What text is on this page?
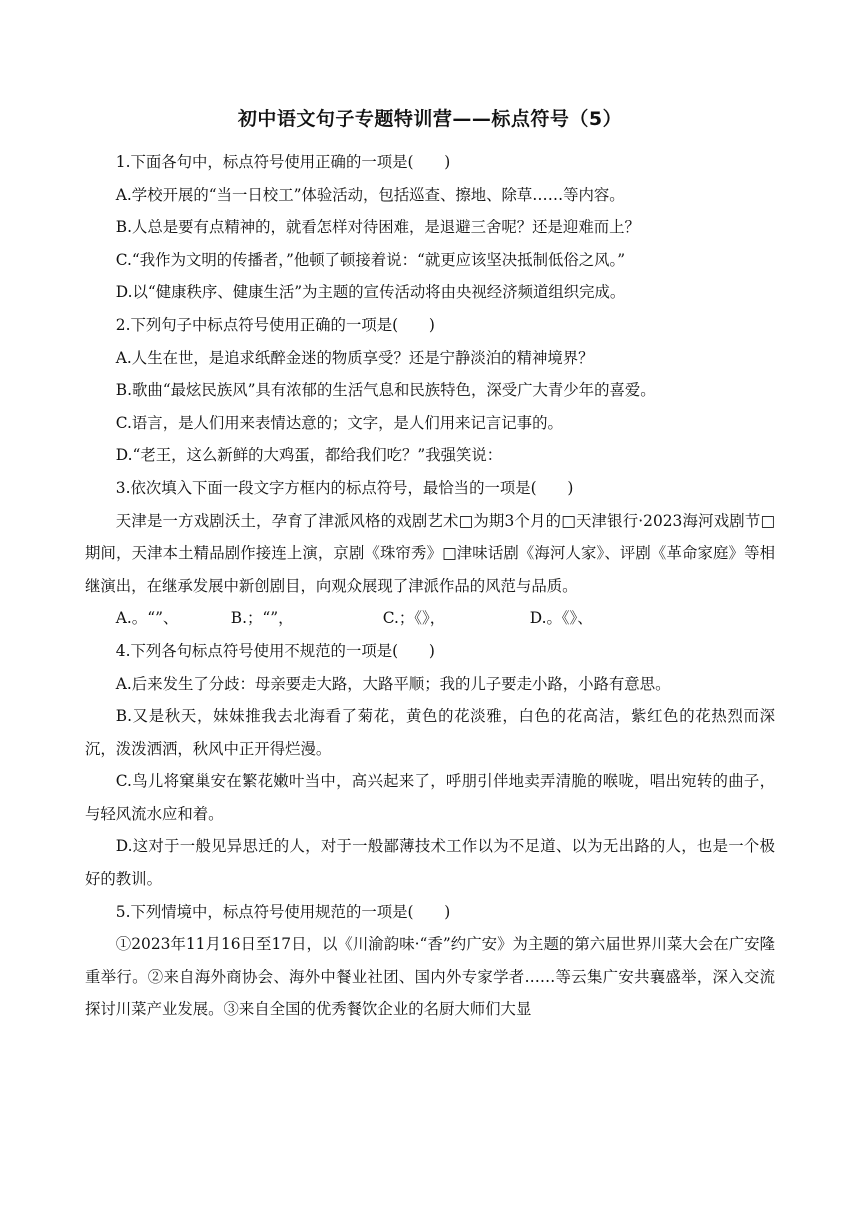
初中语文句子专题特训营——标点符号（5）

1.下面各句中，标点符号使用正确的一项是(　　)

A.学校开展的“当一日校工”体验活动，包括巡查、擦地、除草……等内容。

B.人总是要有点精神的，就看怎样对待困难，是退避三舍呢？还是迎难而上？

C.“我作为文明的传播者，”他顿了顿接着说：“就更应该坚决抵制低俗之风。”

D.以“健康秩序、健康生活”为主题的宣传活动将由央视经济频道组织完成。

2.下列句子中标点符号使用正确的一项是(　　)

A.人生在世，是追求纸醉金迷的物质享受？还是宁静淡泊的精神境界？

B.歌曲“最炫民族风”具有浓郁的生活气息和民族特色，深受广大青少年的喜爱。

C.语言，是人们用来表情达意的；文字，是人们用来记言记事的。

D.“老王，这么新鲜的大鸡蛋，都给我们吃？”我强笑说：

3.依次填入下面一段文字方框内的标点符号，最恰当的一项是(　　)

天津是一方戏剧沃土，孕育了津派风格的戏剧艺术□为期3个月的□天津银行·2023海河戏剧节□期间，天津本土精品剧作接连上演，京剧《珠帘秀》□津味话剧《海河人家》、评剧《革命家庭》等相继演出，在继承发展中新创剧目，向观众展现了津派作品的风范与品质。

A.。“”、	B.；“”，	C.；《》，	D.。《》、

4.下列各句标点符号使用不规范的一项是(　　)

A.后来发生了分歧：母亲要走大路，大路平顺；我的儿子要走小路，小路有意思。

B.又是秋天，妹妹推我去北海看了菊花，黄色的花淡雅，白色的花高洁，紫红色的花热烈而深沉，泼泼洒洒，秋风中正开得烂漫。

C.鸟儿将窠巢安在繁花嫩叶当中，高兴起来了，呼朋引伴地卖弄清脆的喉咙，唱出宛转的曲子，与轻风流水应和着。

D.这对于一般见异思迁的人，对于一般鄙薄技术工作以为不足道、以为无出路的人，也是一个极好的教训。

5.下列情境中，标点符号使用规范的一项是(　　)

①2023年11月16日至17日，以《川渝韵味·“香”约广安》为主题的第六届世界川菜大会在广安隆重举行。②来自海外商协会、海外中餐业社团、国内外专家学者……等云集广安共襄盛举，深入交流探讨川菜产业发展。③来自全国的优秀餐饮企业的名厨大师们大显
